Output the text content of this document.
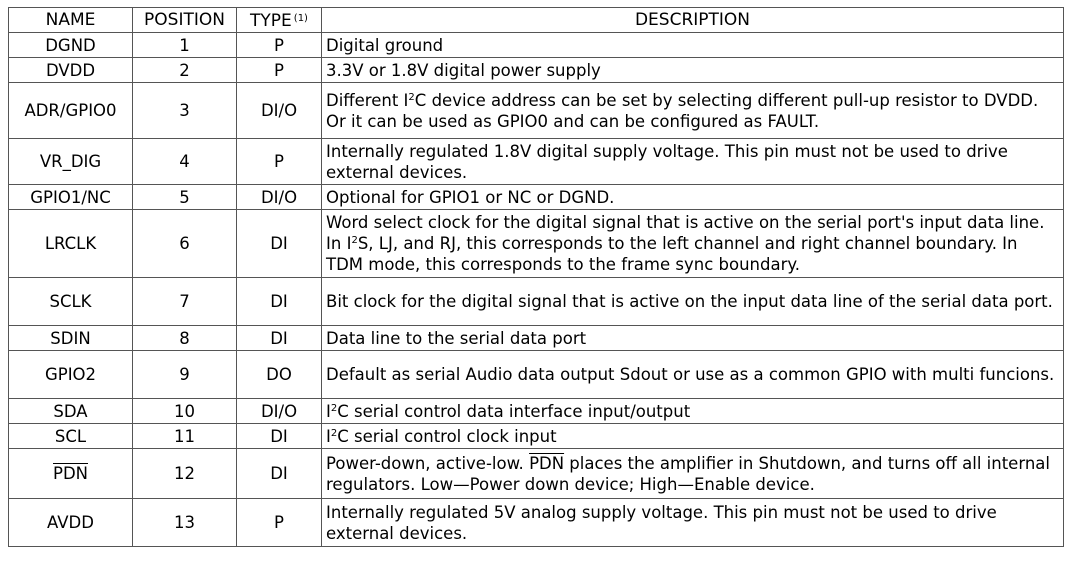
NAME	POSITION	TYPE $^{(1)}$	DESCRIPTION
DGND	1	P	Digital ground
DVDD	2	P	3.3V or 1.8V digital power supply
ADR/GPIO0	3	DI/O	Different $I^2C$ device address can be set by selecting different pull-up resistor to DVDD. Or it can be used as GPIO0 and can be configured as FAULT.
VR_DIG	4	P	Internally regulated 1.8V digital supply voltage. This pin must not be used to drive external devices.
GPIO1/NC	5	DI/O	Optional for GPIO1 or NC or DGND.
LRCLK	6	DI	Word select clock for the digital signal that is active on the serial port's input data line. In $I^2S$, LJ, and RJ, this corresponds to the left channel and right channel boundary. In TDM mode, this corresponds to the frame sync boundary.
SCLK	7	DI	Bit clock for the digital signal that is active on the input data line of the serial data port.
SDIN	8	DI	Data line to the serial data port
GPIO2	9	DO	Default as serial Audio data output Sdout or use as a common GPIO with multi funcions.
SDA	10	DI/O	$I^2C$ serial control data interface input/output
SCL	11	DI	$I^2C$ serial control clock input
$\overline{PDN}$	12	DI	Power-down, active-low. $\overline{PDN}$ places the amplifier in Shutdown, and turns off all internal regulators. Low—Power down device; High—Enable device.
AVDD	13	P	Internally regulated 5V analog supply voltage. This pin must not be used to drive external devices.
